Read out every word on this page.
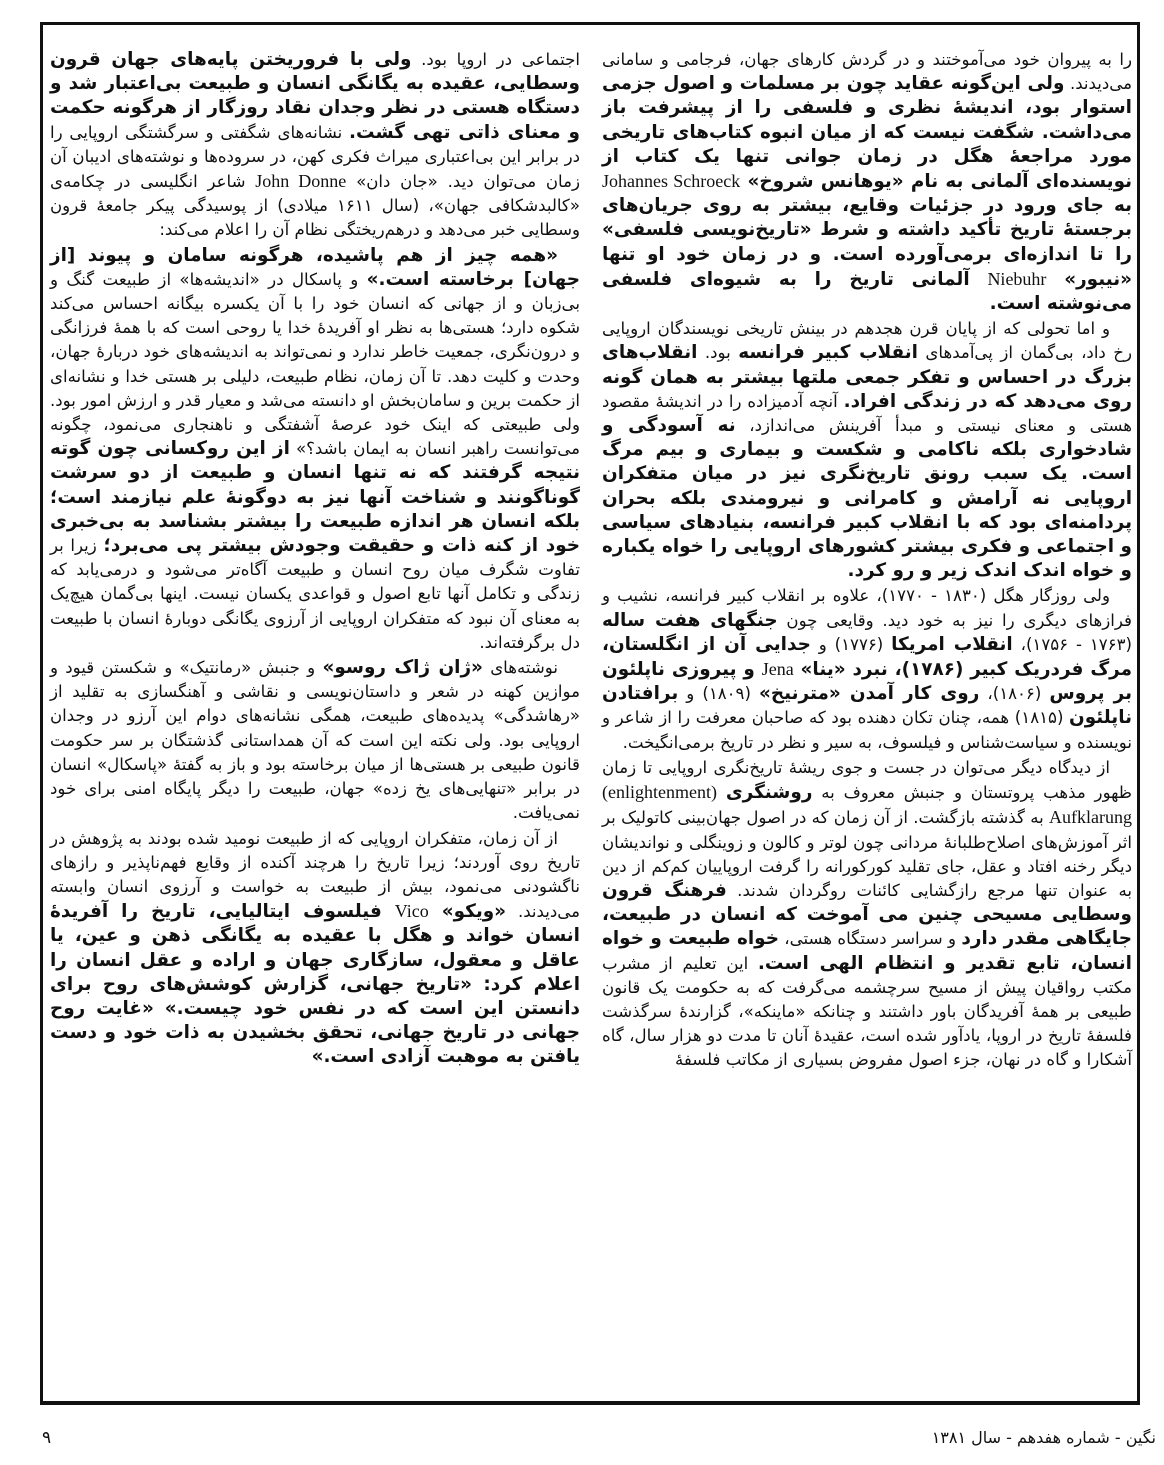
را به پیروان خود می‌آموختند و در گردش کارهای جهان، فرجامی و سامانی می‌دیدند. ولی این‌گونه عقاید چون بر مسلمات و اصول جزمی استوار بود، اندیشهٔ نظری و فلسفی را از پیشرفت باز می‌داشت. شگفت نیست که از میان انبوه کتاب‌های تاریخی مورد مراجعهٔ هگل در زمان جوانی تنها یک کتاب از نویسنده‌ای آلمانی به نام «یوهانس شروخ» Johannes Schroeck به جای ورود در جزئیات وقایع، بیشتر به روی جریان‌های برجستهٔ تاریخ تأکید داشته و شرط «تاریخ‌نویسی فلسفی» را تا اندازه‌ای برمی‌آورده است. و در زمان خود او تنها «نیبور» Niebuhr آلمانی تاریخ را به شیوه‌ای فلسفی می‌نوشته است.

و اما تحولی که از پایان قرن هجدهم در بینش تاریخی نویسندگان اروپایی رخ داد، بی‌گمان از پی‌آمدهای انقلاب کبیر فرانسه بود. انقلاب‌های بزرگ در احساس و تفکر جمعی ملتها بیشتر به همان گونه روی می‌دهد که در زندگی افراد. آنچه آدمیزاده را در اندیشهٔ مقصود هستی و معنای نیستی و مبدأ آفرینش می‌اندازد، نه آسودگی و شادخواری بلکه ناکامی و شکست و بیماری و بیم مرگ است. یک سبب رونق تاریخ‌نگری نیز در میان متفکران اروپایی نه آرامش و کامرانی و نیرومندی بلکه بحران پردامنه‌ای بود که با انقلاب کبیر فرانسه، بنیادهای سیاسی و اجتماعی و فکری بیشتر کشورهای اروپایی را خواه یکباره و خواه اندک اندک زیر و رو کرد.

ولی روزگار هگل (۱۸۳۰ - ۱۷۷۰)، علاوه بر انقلاب کبیر فرانسه، نشیب و فرازهای دیگری را نیز به خود دید. وقایعی چون جنگهای هفت ساله (۱۷۶۳ - ۱۷۵۶)، انقلاب امریکا (۱۷۷۶) و جدایی آن از انگلستان، مرگ فردریک کبیر (۱۷۸۶)، نبرد «ینا» Jena و پیروزی ناپلئون بر پروس (۱۸۰۶)، روی کار آمدن «مترنیخ» (۱۸۰۹) و برافتادن ناپلئون (۱۸۱۵) همه، چنان تکان دهنده بود که صاحبان معرفت را از شاعر و نویسنده و سیاست‌شناس و فیلسوف، به سیر و نظر در تاریخ برمی‌انگیخت.

از دیدگاه دیگر می‌توان در جست و جوی ریشهٔ تاریخ‌نگری اروپایی تا زمان ظهور مذهب پروتستان و جنبش معروف به روشنگری (enlightenment) Aufklarung به گذشته بازگشت. از آن زمان که در اصول جهان‌بینی کاتولیک بر اثر آموزش‌های اصلاح‌طلبانهٔ مردانی چون لوتر و کالون و زوینگلی و نواندیشان دیگر رخنه افتاد و عقل، جای تقلید کورکورانه را گرفت اروپاییان کم‌کم از دین به عنوان تنها مرجع رازگشایی کائنات روگردان شدند. فرهنگ قرون وسطایی مسیحی چنین می آموخت که انسان در طبیعت، جایگاهی مقدر دارد و سراسر دستگاه هستی، خواه طبیعت و خواه انسان، تابع تقدیر و انتظام الهی است. این تعلیم از مشرب مکتب رواقیان پیش از مسیح سرچشمه می‌گرفت که به حکومت یک قانون طبیعی بر همهٔ آفریدگان باور داشتند و چنانکه «ماینکه»، گزارندهٔ سرگذشت فلسفهٔ تاریخ در اروپا، یادآور شده است، عقیدهٔ آنان تا مدت دو هزار سال، گاه آشکارا و گاه در نهان، جزء اصول مفروض بسیاری از مکاتب فلسفهٔ

اجتماعی در اروپا بود. ولی با فروریختن پایه‌های جهان قرون وسطایی، عقیده به یگانگی انسان و طبیعت بی‌اعتبار شد و دستگاه هستی در نظر وجدان نقاد روزگار از هرگونه حکمت و معنای ذاتی تهی گشت. نشانه‌های شگفتی و سرگشتگی اروپایی را در برابر این بی‌اعتباری میراث فکری کهن، در سروده‌ها و نوشته‌های ادیبان آن زمان می‌توان دید. «جان دان» John Donne شاعر انگلیسی در چکامه‌ی «کالبدشکافی جهان»، (سال ۱۶۱۱ میلادی) از پوسیدگی پیکر جامعهٔ قرون وسطایی خبر می‌دهد و درهم‌ریختگی نظام آن را اعلام می‌کند:

«همه چیز از هم پاشیده، هرگونه سامان و پیوند [از جهان] برخاسته است.» و پاسکال در «اندیشه‌ها» از طبیعت گنگ و بی‌زبان و از جهانی که انسان خود را با آن یکسره بیگانه احساس می‌کند شکوه دارد؛ هستی‌ها به نظر او آفریدهٔ خدا یا روحی است که با همهٔ فرزانگی و درون‌نگری، جمعیت خاطر ندارد و نمی‌تواند به اندیشه‌های خود دربارهٔ جهان، وحدت و کلیت دهد. تا آن زمان، نظام طبیعت، دلیلی بر هستی خدا و نشانه‌ای از حکمت برین و سامان‌بخش او دانسته می‌شد و معیار قدر و ارزش امور بود. ولی طبیعتی که اینک خود عرصهٔ آشفتگی و ناهنجاری می‌نمود، چگونه می‌توانست راهبر انسان به ایمان باشد؟» از این روکسانی چون گوته نتیجه گرفتند که نه تنها انسان و طبیعت از دو سرشت گوناگونند و شناخت آنها نیز به دوگونهٔ علم نیازمند است؛ بلکه انسان هر اندازه طبیعت را بیشتر بشناسد به بی‌خبری خود از کنه ذات و حقیقت وجودش بیشتر پی می‌برد؛ زیرا بر تفاوت شگرف میان روح انسان و طبیعت آگاه‌تر می‌شود و درمی‌یابد که زندگی و تکامل آنها تابع اصول و قواعدی یکسان نیست. اینها بی‌گمان هیچ‌یک به معنای آن نبود که متفکران اروپایی از آرزوی یگانگی دوبارهٔ انسان با طبیعت دل برگرفته‌اند.

نوشته‌های «ژان ژاک روسو» و جنبش «رمانتیک» و شکستن قیود و موازین کهنه در شعر و داستان‌نویسی و نقاشی و آهنگسازی به تقلید از «رهاشدگی» پدیده‌های طبیعت، همگی نشانه‌های دوام این آرزو در وجدان اروپایی بود. ولی نکته این است که آن همداستانی گذشتگان بر سر حکومت قانون طبیعی بر هستی‌ها از میان برخاسته بود و باز به گفتهٔ «پاسکال» انسان در برابر «تنهایی‌های یخ زده» جهان، طبیعت را دیگر پایگاه امنی برای خود نمی‌یافت.

از آن زمان، متفکران اروپایی که از طبیعت نومید شده بودند به پژوهش در تاریخ روی آوردند؛ زیرا تاریخ را هرچند آکنده از وقایع فهم‌ناپذیر و رازهای ناگشودنی می‌نمود، بیش از طبیعت به خواست و آرزوی انسان وابسته می‌دیدند. «ویکو» Vico فیلسوف ایتالیایی، تاریخ را آفریدهٔ انسان خواند و هگل با عقیده به یگانگی ذهن و عین، یا عاقل و معقول، سازگاری جهان و اراده و عقل انسان را اعلام کرد: «تاریخ جهانی، گزارش کوشش‌های روح برای دانستن این است که در نفس خود چیست.» «غایت روح جهانی در تاریخ جهانی، تحقق بخشیدن به ذات خود و دست یافتن به موهبت آزادی است.»

نگین - شماره هفدهم - سال ۱۳۸۱
۹
